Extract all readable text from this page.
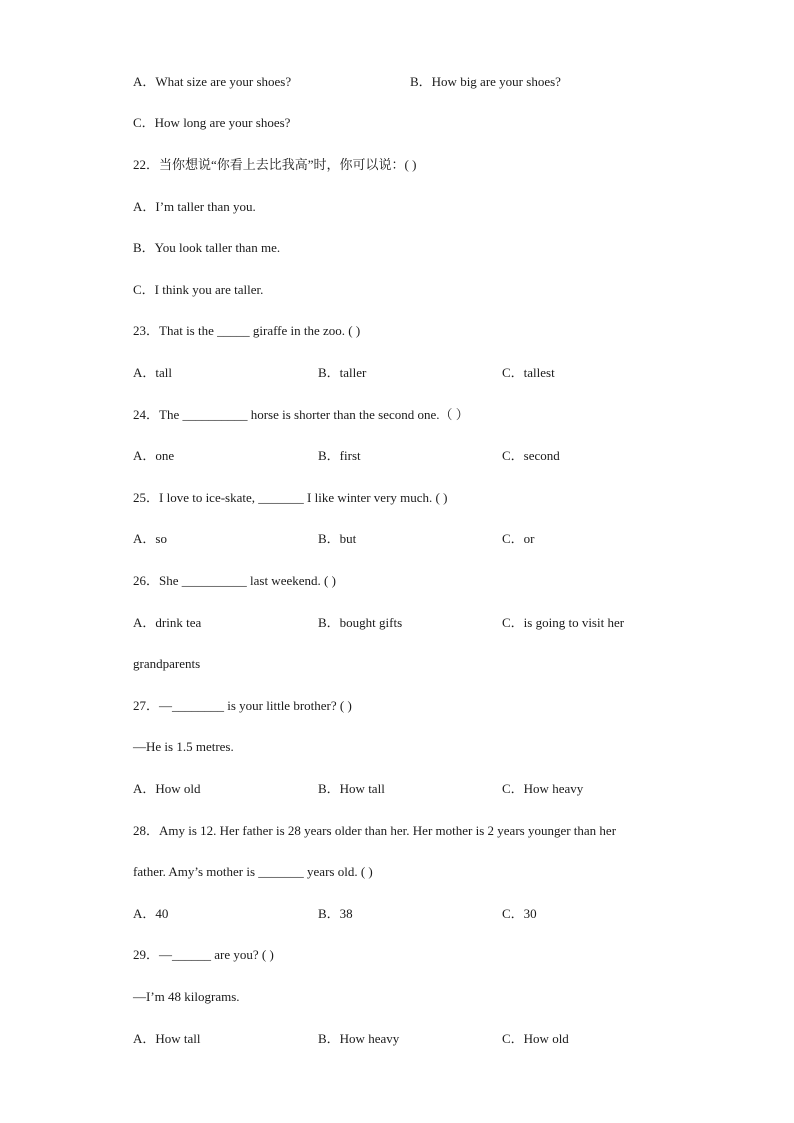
A．What size are your shoes?	B．How big are your shoes?
C．How long are your shoes?
22．当你想说“你看上去比我高”时，你可以说：( )
A．I’m taller than you.
B．You look taller than me.
C．I think you are taller.
23．That is the _____ giraffe in the zoo. ( )
A．tall	B．taller	C．tallest
24．The __________ horse is shorter than the second one.（ ）
A．one	B．first	C．second
25．I love to ice-skate, _______ I like winter very much. ( )
A．so	B．but	C．or
26．She __________ last weekend. ( )
A．drink tea	B．bought gifts	C．is going to visit her
grandparents
27．—________ is your little brother? ( )
—He is 1.5 metres.
A．How old	B．How tall	C．How heavy
28．Amy is 12. Her father is 28 years older than her. Her mother is 2 years younger than her
father. Amy’s mother is _______ years old. ( )
A．40	B．38	C．30
29．—______ are you? ( )
—I’m 48 kilograms.
A．How tall	B．How heavy	C．How old
